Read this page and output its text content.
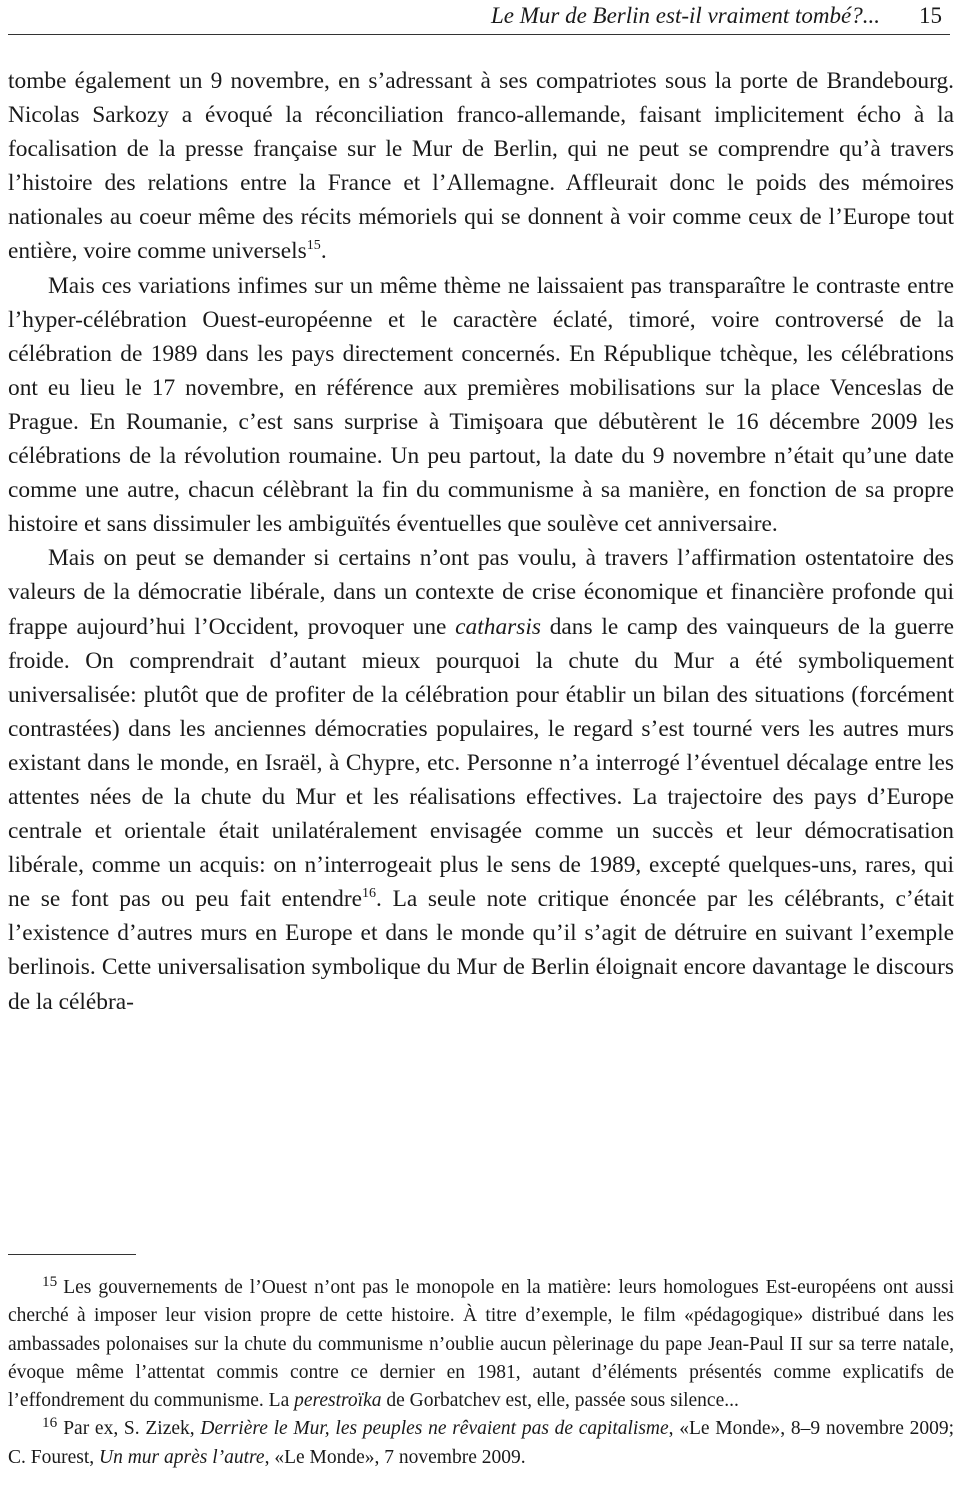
Le Mur de Berlin est-il vraiment tombé?... 15

tombe également un 9 novembre, en s’adressant à ses compatriotes sous la porte de Brandebourg. Nicolas Sarkozy a évoqué la réconciliation franco-allemande, faisant implicitement écho à la focalisation de la presse française sur le Mur de Berlin, qui ne peut se comprendre qu’à travers l’histoire des relations entre la France et l’Allemagne. Affleurait donc le poids des mémoires nationales au coeur même des récits mémoriels qui se donnent à voir comme ceux de l’Europe tout entière, voire comme universels$^{15}$.

Mais ces variations infimes sur un même thème ne laissaient pas transparaître le contraste entre l’hyper-célébration Ouest-européenne et le caractère éclaté, timoré, voire controversé de la célébration de 1989 dans les pays directement concernés. En République tchèque, les célébrations ont eu lieu le 17 novembre, en référence aux premières mobilisations sur la place Venceslas de Prague. En Roumanie, c’est sans surprise à Timişoara que débutèrent le 16 décembre 2009 les célébrations de la révolution roumaine. Un peu partout, la date du 9 novembre n’était qu’une date comme une autre, chacun célèbrant la fin du communisme à sa manière, en fonction de sa propre histoire et sans dissimuler les ambiguïtés éventuelles que soulève cet anniversaire.

Mais on peut se demander si certains n’ont pas voulu, à travers l’affirmation ostentatoire des valeurs de la démocratie libérale, dans un contexte de crise économique et financière profonde qui frappe aujourd’hui l’Occident, provoquer une catharsis dans le camp des vainqueurs de la guerre froide. On comprendrait d’autant mieux pourquoi la chute du Mur a été symboliquement universalisée: plutôt que de profiter de la célébration pour établir un bilan des situations (forcément contrastées) dans les anciennes démocraties populaires, le regard s’est tourné vers les autres murs existant dans le monde, en Israël, à Chypre, etc. Personne n’a interrogé l’éventuel décalage entre les attentes nées de la chute du Mur et les réalisations effectives. La trajectoire des pays d’Europe centrale et orientale était unilatéralement envisagée comme un succès et leur démocratisation libérale, comme un acquis: on n’interrogeait plus le sens de 1989, excepté quelques-uns, rares, qui ne se font pas ou peu fait entendre$^{16}$. La seule note critique énoncée par les célébrants, c’était l’existence d’autres murs en Europe et dans le monde qu’il s’agit de détruire en suivant l’exemple berlinois. Cette universalisation symbolique du Mur de Berlin éloignait encore davantage le discours de la célébra-

$^{15}$ Les gouvernements de l’Ouest n’ont pas le monopole en la matière: leurs homologues Est-européens ont aussi cherché à imposer leur vision propre de cette histoire. À titre d’exemple, le film «pédagogique» distribué dans les ambassades polonaises sur la chute du communisme n’oublie aucun pèlerinage du pape Jean-Paul II sur sa terre natale, évoque même l’attentat commis contre ce dernier en 1981, autant d’éléments présentés comme explicatifs de l’effondrement du communisme. La perestroïka de Gorbatchev est, elle, passée sous silence...

$^{16}$ Par ex, S. Zizek, Derrière le Mur, les peuples ne rêvaient pas de capitalisme, «Le Monde», 8–9 novembre 2009; C. Fourest, Un mur après l’autre, «Le Monde», 7 novembre 2009.
